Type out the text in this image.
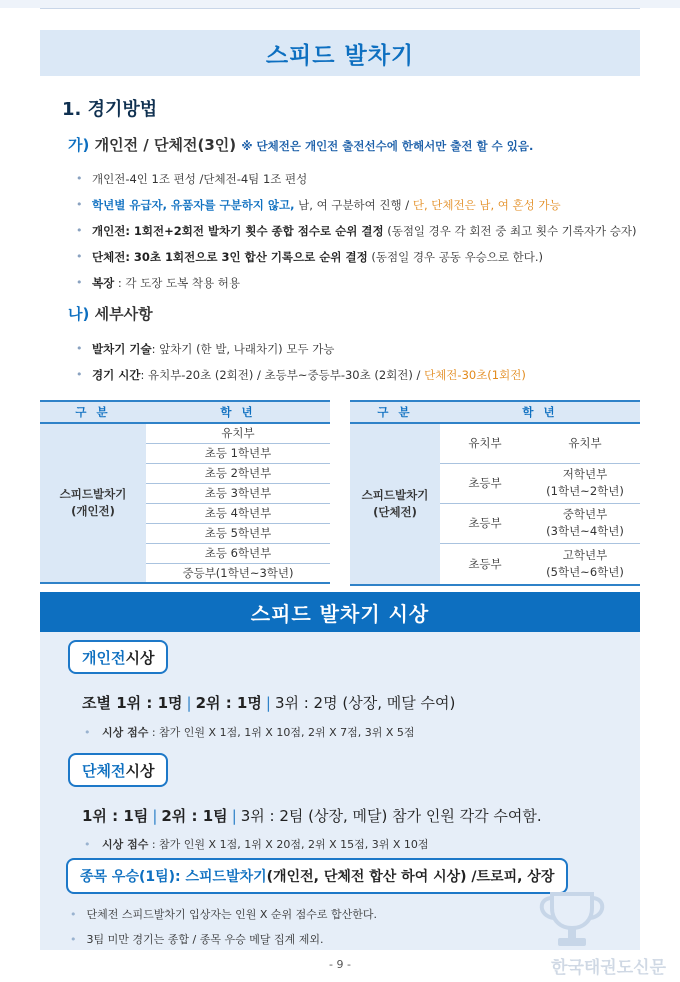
스피드 발차기
1. 경기방법
가) 개인전 / 단체전(3인) ※ 단체전은 개인전 출전선수에 한해서만 출전 할 수 있음.
• 개인전-4인 1조 편성 /단체전-4팀 1조 편성
• 학년별 유급자, 유품자를 구분하지 않고, 남, 여 구분하여 진행 / 단, 단체전은 남, 여 혼성 가능
• 개인전: 1회전+2회전 발차기 횟수 종합 점수로 순위 결정 (동점일 경우 각 회전 중 최고 횟수 기록자가 승자)
• 단체전: 30초 1회전으로 3인 합산 기록으로 순위 결정 (동점일 경우 공동 우승으로 한다.)
• 복장 : 각 도장 도복 착용 허용
나) 세부사항
• 발차기 기술: 앞차기 (한 발, 나래차기) 모두 가능
• 경기 시간: 유치부-20초 (2회전) / 초등부~중등부-30초 (2회전) / 단체전-30초(1회전)
구 분	학 년
스피드발차기
(개인전)	유치부
	초등 1학년부
	초등 2학년부
	초등 3학년부
	초등 4학년부
	초등 5학년부
	초등 6학년부
	중등부(1학년~3학년)
구 분	학 년	
스피드발차기
(단체전)	유치부	유치부
	초등부	저학년부
(1학년~2학년)
	초등부	중학년부
(3학년~4학년)
	초등부	고학년부
(5학년~6학년)
스피드 발차기 시상
개인전 시상
조별 1위 : 1명 | 2위 : 1명 | 3위 : 2명 (상장, 메달 수여)
• 시상 점수 : 참가 인원 X 1점, 1위 X 10점, 2위 X 7점, 3위 X 5점
단체전 시상
1위 : 1팀 | 2위 : 1팀 | 3위 : 2팀 (상장, 메달) 참가 인원 각각 수여함.
• 시상 점수 : 참가 인원 X 1점, 1위 X 20점, 2위 X 15점, 3위 X 10점
종목 우승(1팀): 스피드발차기 (개인전, 단체전 합산 하여 시상) /트로피, 상장
• 단체전 스피드발차기 입상자는 인원 X 순위 점수로 합산한다.
• 3팀 미만 경기는 종합 / 종목 우승 메달 집계 제외.
- 9 -	한국태권도신문
